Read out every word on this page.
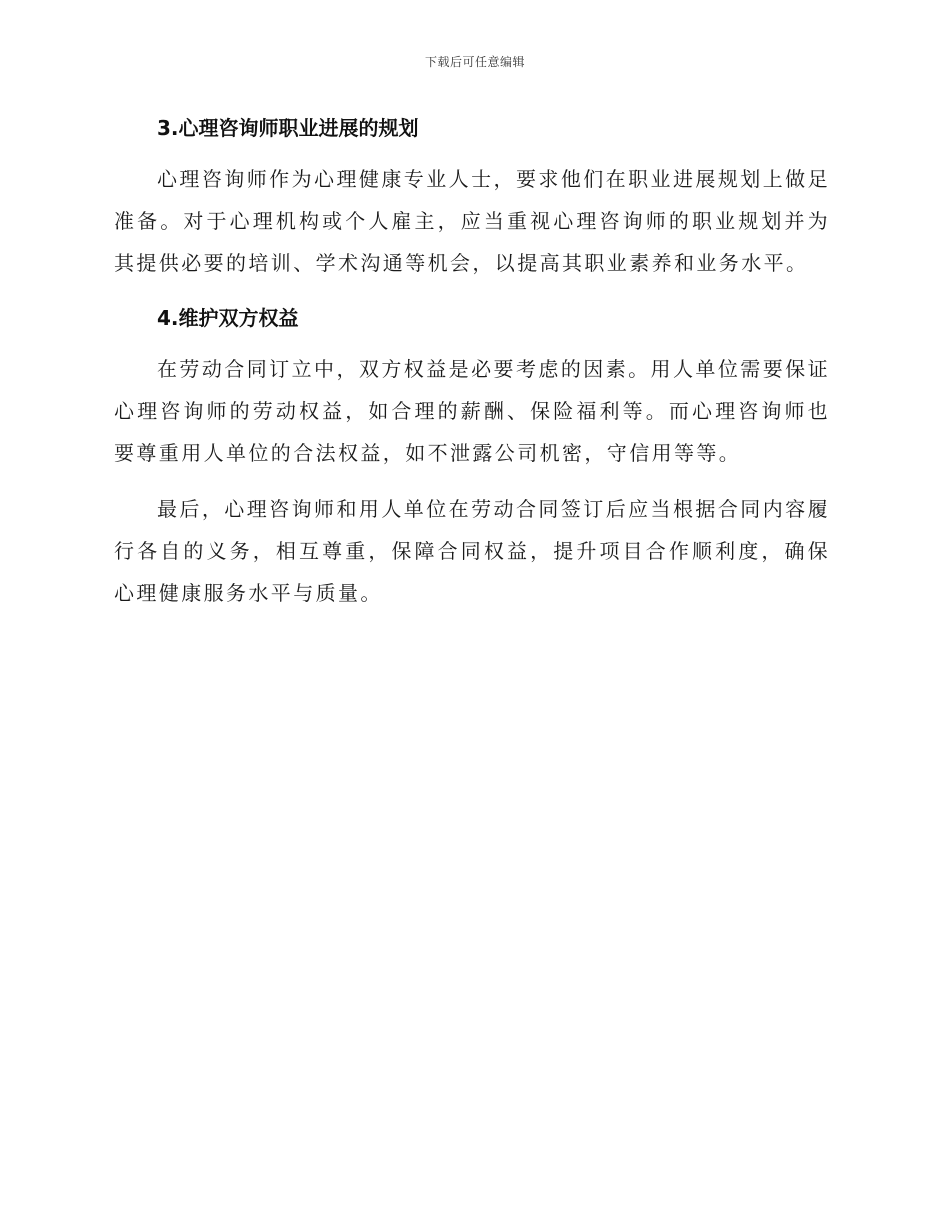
下载后可任意编辑
3.心理咨询师职业进展的规划

心理咨询师作为心理健康专业人士，要求他们在职业进展规划上做足准备。对于心理机构或个人雇主，应当重视心理咨询师的职业规划并为其提供必要的培训、学术沟通等机会，以提高其职业素养和业务水平。

4.维护双方权益

在劳动合同订立中，双方权益是必要考虑的因素。用人单位需要保证心理咨询师的劳动权益，如合理的薪酬、保险福利等。而心理咨询师也要尊重用人单位的合法权益，如不泄露公司机密，守信用等等。

最后，心理咨询师和用人单位在劳动合同签订后应当根据合同内容履行各自的义务，相互尊重，保障合同权益，提升项目合作顺利度，确保心理健康服务水平与质量。
